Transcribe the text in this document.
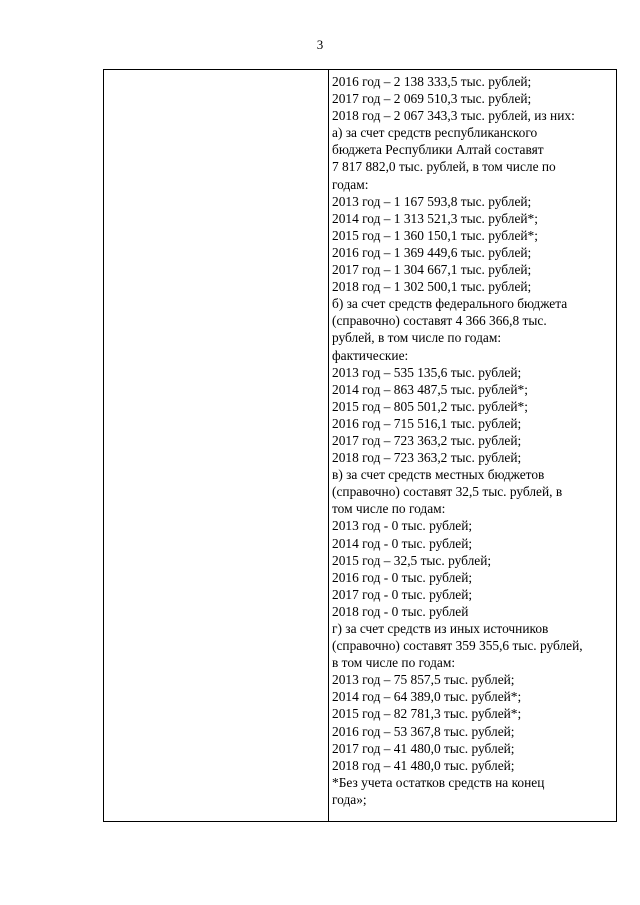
3
2016 год – 2 138 333,5 тыс. рублей;
2017 год – 2 069 510,3 тыс. рублей;
2018 год – 2 067 343,3 тыс. рублей, из них:
а) за счет средств республиканского
бюджета Республики Алтай составят
7 817 882,0 тыс. рублей, в том числе по
годам:
2013 год – 1 167 593,8 тыс. рублей;
2014 год – 1 313 521,3 тыс. рублей*;
2015 год – 1 360 150,1 тыс. рублей*;
2016 год – 1 369 449,6 тыс. рублей;
2017 год – 1 304 667,1 тыс. рублей;
2018 год – 1 302 500,1 тыс. рублей;
б) за счет средств федерального бюджета
(справочно) составят 4 366 366,8 тыс.
рублей, в том числе по годам:
фактические:
2013 год – 535 135,6 тыс. рублей;
2014 год – 863 487,5 тыс. рублей*;
2015 год – 805 501,2 тыс. рублей*;
2016 год – 715 516,1 тыс. рублей;
2017 год – 723 363,2 тыс. рублей;
2018 год – 723 363,2 тыс. рублей;
в) за счет средств местных бюджетов
(справочно) составят 32,5 тыс. рублей, в
том числе по годам:
2013 год - 0 тыс. рублей;
2014 год - 0 тыс. рублей;
2015 год – 32,5 тыс. рублей;
2016 год - 0 тыс. рублей;
2017 год - 0 тыс. рублей;
2018 год - 0 тыс. рублей
г) за счет средств из иных источников
(справочно) составят 359 355,6 тыс. рублей,
в том числе по годам:
2013 год – 75 857,5 тыс. рублей;
2014 год – 64 389,0 тыс. рублей*;
2015 год – 82 781,3 тыс. рублей*;
2016 год – 53 367,8 тыс. рублей;
2017 год – 41 480,0 тыс. рублей;
2018 год – 41 480,0 тыс. рублей;
*Без учета остатков средств на конец
года»;
